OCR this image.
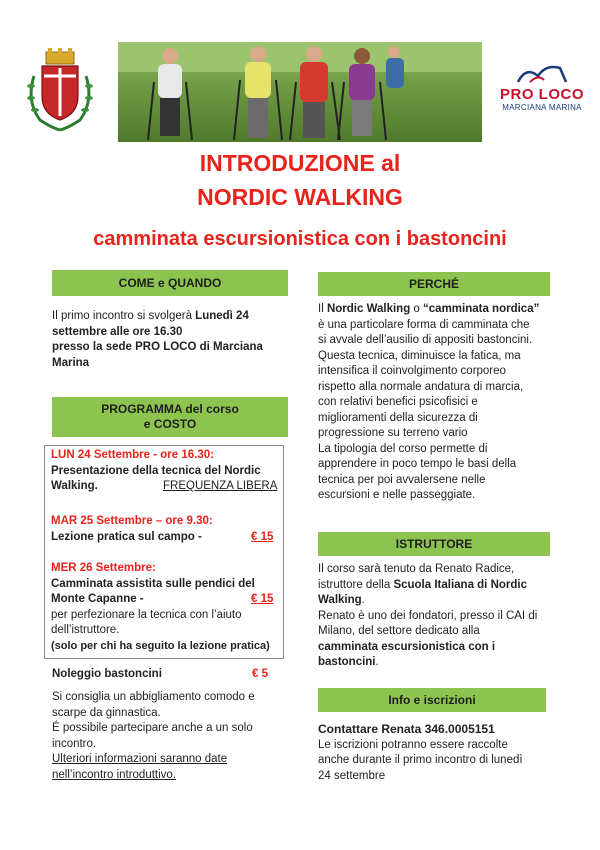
PRO LOCO
MARCIANA MARINA
INTRODUZIONE al
NORDIC WALKING
camminata escursionistica con i bastoncini
COME e QUANDO
Il primo incontro si svolgerà Lunedì 24
settembre alle ore 16.30
presso la sede PRO LOCO di Marciana
Marina
PROGRAMMA del corso
e COSTO
LUN 24 Settembre - ore 16.30:
Presentazione della tecnica del Nordic
Walking.	FREQUENZA LIBERA
MAR 25 Settembre – ore 9.30:
Lezione pratica sul campo -	€ 15
MER 26 Settembre:
Camminata assistita sulle pendici del
Monte Capanne -	€ 15
per perfezionare la tecnica con l’aiuto
dell’istruttore.
(solo per chi ha seguito la lezione pratica)
Noleggio bastoncini	€ 5
Si consiglia un abbigliamento comodo e
scarpe da ginnastica.
É possibile partecipare anche a un solo
incontro.
Ulteriori informazioni saranno date
nell’incontro introduttivo.
PERCHÉ
Il Nordic Walking o “camminata nordica”
è una particolare forma di camminata che
si avvale dell’ausilio di appositi bastoncini.
Questa tecnica, diminuisce la fatica, ma
intensifica il coinvolgimento corporeo
rispetto alla normale andatura di marcia,
con relativi benefici psicofisici e
miglioramenti della sicurezza di
progressione su terreno vario
La tipologia del corso permette di
apprendere in poco tempo le basi della
tecnica per poi avvalersene nelle
escursioni e nelle passeggiate.
ISTRUTTORE
Il corso sarà tenuto da Renato Radice,
istruttore della Scuola Italiana di Nordic
Walking.
Renato è uno dei fondatori, presso il CAI di
Milano, del settore dedicato alla
camminata escursionistica con i
bastoncini.
Info e iscrizioni
Contattare Renata 346.0005151
Le iscrizioni potranno essere raccolte
anche durante il primo incontro di lunedì
24 settembre
